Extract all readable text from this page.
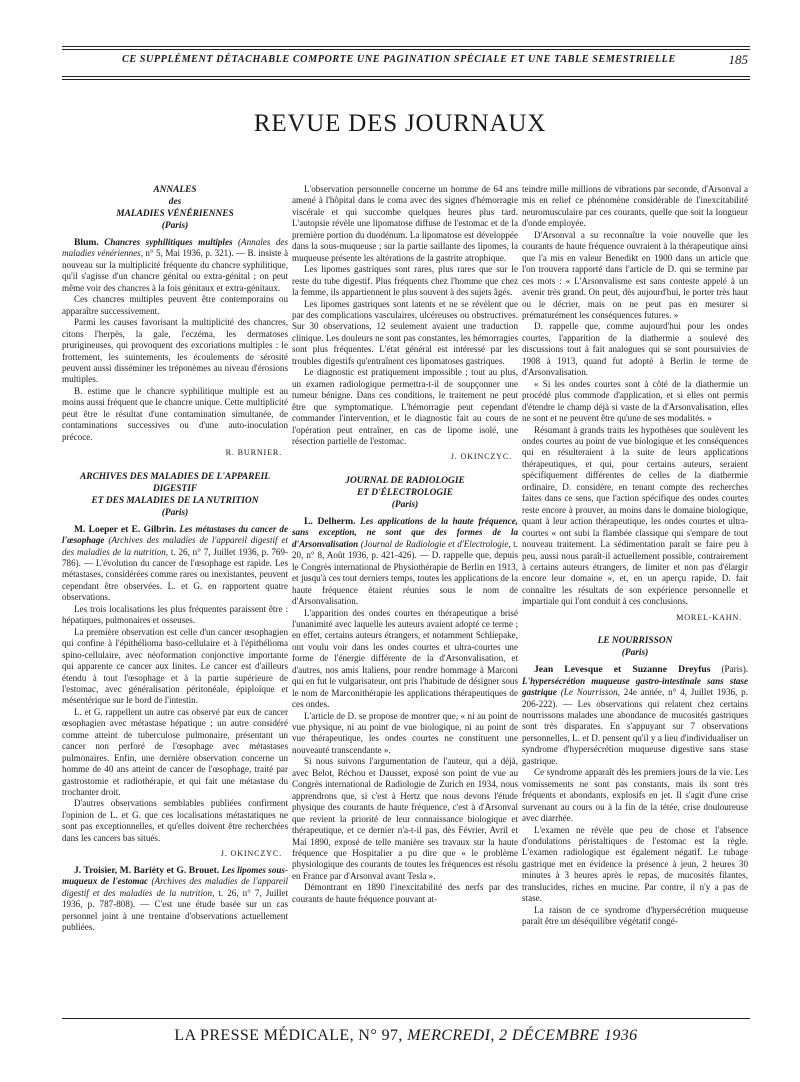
CE SUPPLÉMENT DÉTACHABLE COMPORTE UNE PAGINATION SPÉCIALE ET UNE TABLE SEMESTRIELLE	185
REVUE DES JOURNAUX
ANNALES
des
MALADIES VÉNÉRIENNES
(Paris)

Blum. Chancres syphilitiques multiples (Annales des maladies vénériennes, n° 5, Mai 1936, p. 321). — B. insiste à nouveau sur la multiplicité fréquente du chancre syphilitique, qu'il s'agisse d'un chancre génital ou extra-génital ; on peut même voir des chancres à la fois génitaux et extra-génitaux.

Ces chancres multiples peuvent être contemporains ou apparaître successivement.

Parmi les causes favorisant la multiplicité des chancres, citons l'herpès, la gale, l'eczéma, les dermatoses prurigineuses, qui provoquent des excoriations multiples : le frottement, les suintements, les écoulements de sérosité peuvent aussi disséminer les tréponèmes au niveau d'érosions multiples.

B. estime que le chancre syphilitique multiple est au moins aussi fréquent que le chancre unique. Cette multiplicité peut être le résultat d'une contamination simultanée, de contaminations successives ou d'une auto-inoculation précoce.

R. BURNIER.

ARCHIVES DES MALADIES DE L'APPAREIL DIGESTIF
ET DES MALADIES DE LA NUTRITION
(Paris)

M. Loeper et E. Gilbrin. Les métastases du cancer de l'œsophage (Archives des maladies de l'appareil digestif et des maladies de la nutrition, t. 26, n° 7, Juillet 1936, p. 769-786). — L'évolution du cancer de l'œsophage est rapide. Les métastases, considérées comme rares ou inexistantes, peuvent cependant être observées. L. et G. en rapportent quatre observations.

Les trois localisations les plus fréquentes paraissent être : hépatiques, pulmonaires et osseuses.

La première observation est celle d'un cancer œsophagien qui confine à l'épithélioma baso-cellulaire et à l'épithélioma spino-cellulaire, avec néoformation conjonctive importante qui apparente ce cancer aux linites. Le cancer est d'ailleurs étendu à tout l'œsophage et à la partie supérieure de l'estomac, avec généralisation péritonéale, épiploïque et mésentérique sur le bord de l'intestin.

L. et G. rappellent un autre cas observé par eux de cancer œsophagien avec métastase hépatique ; un autre considéré comme atteint de tuberculose pulmonaire, présentant un cancer non perforé de l'œsophage avec métastases pulmonaires. Enfin, une dernière observation concerne un homme de 40 ans atteint de cancer de l'œsophage, traité par gastrostomie et radiothérapie, et qui fait une métastase du trochanter droit.

D'autres observations semblables publiées confirment l'opinion de L. et G. que ces localisations métastatiques ne sont pas exceptionnelles, et qu'elles doivent être recherchées dans les cancers bas situés.

J. OKINCZYC.

J. Troisier, M. Bariéty et G. Brouet. Les lipomes sous-muqueux de l'estomac (Archives des maladies de l'appareil digestif et des maladies de la nutrition, t. 26, n° 7, Juillet 1936, p. 787-808). — C'est une étude basée sur un cas personnel joint à une trentaine d'observations actuellement publiées.

L'observation personnelle concerne un homme de 64 ans amené à l'hôpital dans le coma avec des signes d'hémorragie viscérale et qui succombe quelques heures plus tard. L'autopsie révèle une lipomatose diffuse de l'estomac et de la première portion du duodénum. La lipomatose est développée dans la sous-muqueuse ; sur la partie saillante des lipomes, la muqueuse présente les altérations de la gastrite atrophique.

Les lipomes gastriques sont rares, plus rares que sur le reste du tube digestif. Plus fréquents chez l'homme que chez la femme, ils appartiennent le plus souvent à des sujets âgés.

Les lipomes gastriques sont latents et ne se révèlent que par des complications vasculaires, ulcéreuses ou obstructives. Sur 30 observations, 12 seulement avaient une traduction clinique. Les douleurs ne sont pas constantes, les hémorragies sont plus fréquentes. L'état général est intéressé par les troubles digestifs qu'entraînent ces lipomatoses gastriques.

Le diagnostic est pratiquement impossible ; tout au plus, un examen radiologique permettra-t-il de soupçonner une tumeur bénigne. Dans ces conditions, le traitement ne peut être que symptomatique. L'hémorragie peut cependant commander l'intervention, et le diagnostic fait au cours de l'opération peut entraîner, en cas de lipome isolé, une résection partielle de l'estomac.

J. OKINCZYC.

JOURNAL DE RADIOLOGIE
ET D'ÉLECTROLOGIE
(Paris)

L. Delherm. Les applications de la haute fréquence, sans exception, ne sont que des formes de la d'Arsonvalisation (Journal de Radiologie et d'Electrologie, t. 20, n° 8, Août 1936, p. 421-426). — D. rappelle que, depuis le Congrès international de Physiothérapie de Berlin en 1913, et jusqu'à ces tout derniers temps, toutes les applications de la haute fréquence étaient réunies sous le nom de d'Arsonvalisation.

L'apparition des ondes courtes en thérapeutique a brisé l'unanimité avec laquelle les auteurs avaient adopté ce terme ; en effet, certains auteurs étrangers, et notamment Schliepake, ont voulu voir dans les ondes courtes et ultra-courtes une forme de l'énergie différente de la d'Arsonvalisation, et d'autres, nos amis Italiens, pour rendre hommage à Marconi qui en fut le vulgarisateur, ont pris l'habitude de désigner sous le nom de Marconithérapie les applications thérapeutiques de ces ondes.

L'article de D. se propose de montrer que, « ni au point de vue physique, ni au point de vue biologique, ni au point de vue thérapeutique, les ondes courtes ne constituent une nouveauté transcendante ».

Si nous suivons l'argumentation de l'auteur, qui a déjà, avec Belot, Réchou et Dausset, exposé son point de vue au Congrès international de Radiologie de Zurich en 1934, nous apprendrons que, si c'est à Hertz que nous devons l'étude physique des courants de haute fréquence, c'est à d'Arsonval que revient la priorité de leur connaissance biologique et thérapeutique, et ce dernier n'a-t-il pas, dès Février, Avril et Mai 1890, exposé de telle manière ses travaux sur la haute fréquence que Hospitalier a pu dire que « le problème physiologique des courants de toutes les fréquences est résolu en France par d'Arsonval avant Tesla ».

Démontrant en 1890 l'inexcitabilité des nerfs par des courants de haute fréquence pouvant at-

teindre mille millions de vibrations par seconde, d'Arsonval a mis en relief ce phénomène considérable de l'inexcitabilité neuromusculaire par ces courants, quelle que soit la longueur d'onde employée.

D'Arsonval a su reconnaître la voie nouvelle que les courants de haute fréquence ouvraient à la thérapeutique ainsi que l'a mis en valeur Benedikt en 1900 dans un article que l'on trouvera rapporté dans l'article de D. qui se termine par ces mots : « L'Arsonvalisme est sans conteste appelé à un avenir très grand. On peut, dès aujourd'hui, le porter très haut ou le décrier, mais on ne peut pas en mesurer si prématurément les conséquences futures. »

D. rappelle que, comme aujourd'hui pour les ondes courtes, l'apparition de la diathermie a soulevé des discussions tout à fait analogues qui se sont poursuivies de 1908 à 1913, quand fut adopté à Berlin le terme de d'Arsonvalisation.

« Si les ondes courtes sont à côté de la diathermie un procédé plus commode d'application, et si elles ont permis d'étendre le champ déjà si vaste de la d'Arsonvalisation, elles ne sont et ne peuvent être qu'une de ses modalités. »

Résumant à grands traits les hypothèses que soulèvent les ondes courtes au point de vue biologique et les conséquences qui en résulteraient à la suite de leurs applications thérapeutiques, et qui, pour certains auteurs, seraient spécifiquement différentes de celles de la diathermie ordinaire, D. considère, en tenant compte des recherches faites dans ce sens, que l'action spécifique des ondes courtes reste encore à prouver, au moins dans le domaine biologique, quant à leur action thérapeutique, les ondes courtes et ultra-courtes « ont subi la flambée classique qui s'empare de tout nouveau traitement. La sédimentation paraît se faire peu à peu, aussi nous paraît-il actuellement possible, contrairement à certains auteurs étrangers, de limiter et non pas d'élargir encore leur domaine », et, en un aperçu rapide, D. fait connaître les résultats de son expérience personnelle et impartiale qui l'ont conduit à ces conclusions.

MOREL-KAHN.

LE NOURRISSON
(Paris)

Jean Levesque et Suzanne Dreyfus (Paris). L'hypersécrétion muqueuse gastro-intestinale sans stase gastrique (Le Nourrisson, 24e année, n° 4, Juillet 1936, p. 206-222). — Les observations qui relatent chez certains nourrissons malades une abondance de mucosités gastriques sont très disparates. En s'appuyant sur 7 observations personnelles, L. et D. pensent qu'il y a lieu d'individualiser un syndrome d'hypersécrétion muqueuse digestive sans stase gastrique.

Ce syndrome apparaît dès les premiers jours de la vie. Les vomissements ne sont pas constants, mais ils sont très fréquents et abondants, explosifs en jet. Il s'agit d'une crise survenant au cours ou à la fin de la tétée, crise douloureuse avec diarrhée.

L'examen ne révèle que peu de chose et l'absence d'ondulations péristaltiques de l'estomac est la règle. L'examen radiologique est également négatif. Le tubage gastrique met en évidence la présence à jeun, 2 heures 30 minutes à 3 heures après le repas, de mucosités filantes, translucides, riches en mucine. Par contre, il n'y a pas de stase.

La raison de ce syndrome d'hypersécrétion muqueuse paraît être un déséquilibre végétatif congé-

LA PRESSE MÉDICALE, N° 97, MERCREDI, 2 DÉCEMBRE 1936
